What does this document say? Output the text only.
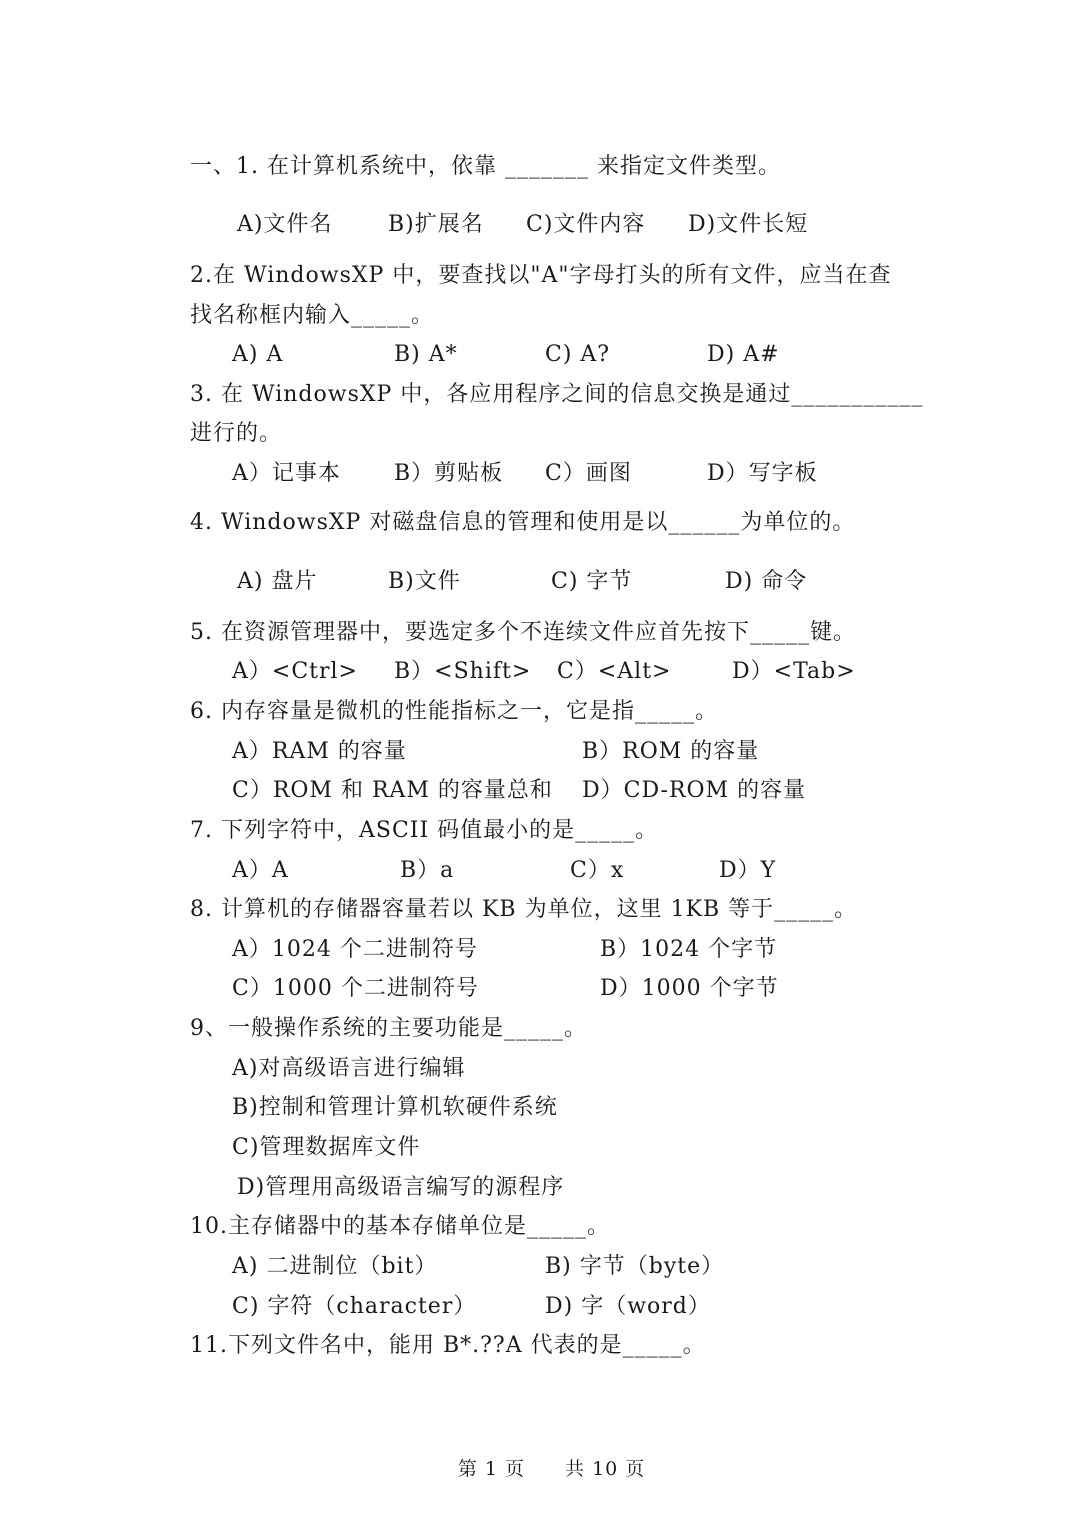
一、1. 在计算机系统中，依靠 _______ 来指定文件类型。
A)文件名	B)扩展名 C)文件内容 D)文件长短
2.在 WindowsXP 中，要查找以"A"字母打头的所有文件，应当在查
找名称框内输入_____。
A) A	B) A*	C) A?	D) A#
3. 在 WindowsXP 中，各应用程序之间的信息交换是通过___________
进行的。
A）记事本 B）剪贴板 C）画图	D）写字板
4. WindowsXP 对磁盘信息的管理和使用是以______为单位的。
A) 盘片	B)文件	C) 字节	D) 命令
5. 在资源管理器中，要选定多个不连续文件应首先按下_____键。
A）<Ctrl> B）<Shift> C）<Alt>	D）<Tab>
6. 内存容量是微机的性能指标之一，它是指_____。
A）RAM 的容量	B）ROM 的容量
C）ROM 和 RAM 的容量总和 D）CD-ROM 的容量
7. 下列字符中，ASCII 码值最小的是_____。
A）A	B）a	C）x	D）Y
8. 计算机的存储器容量若以 KB 为单位，这里 1KB 等于_____。
A）1024 个二进制符号	B）1024 个字节
C）1000 个二进制符号	D）1000 个字节
9、一般操作系统的主要功能是_____。
A)对高级语言进行编辑
B)控制和管理计算机软硬件系统
C)管理数据库文件
D)管理用高级语言编写的源程序
10.主存储器中的基本存储单位是_____。
A) 二进制位（bit）	B) 字节（byte）
C) 字符（character）	D) 字（word）
11.下列文件名中，能用 B*.??A 代表的是_____。

第 1 页 共 10 页
